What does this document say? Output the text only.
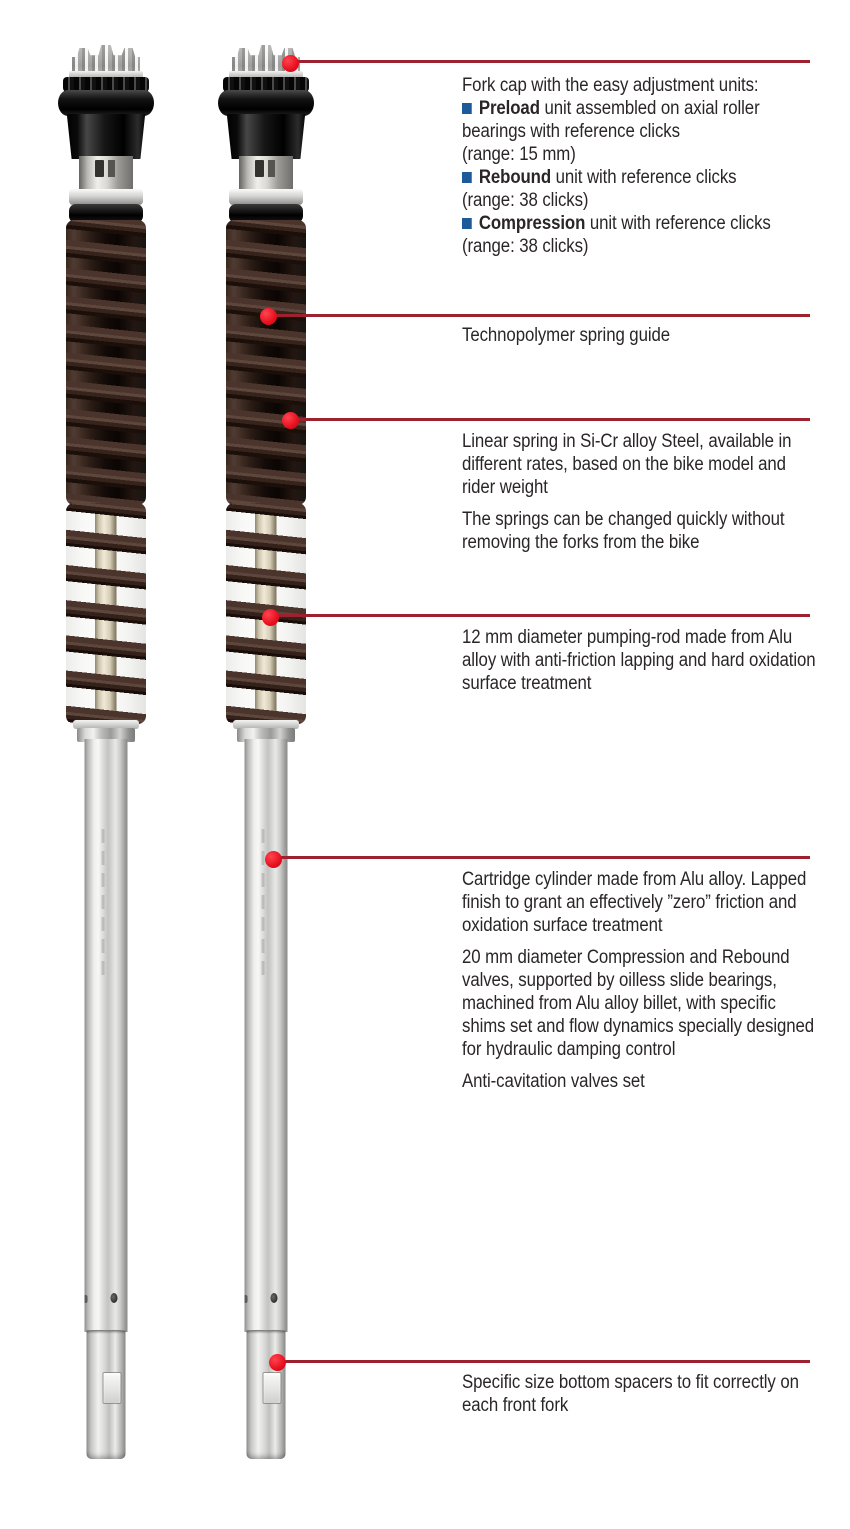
Fork cap with the easy adjustment units:

Preload unit assembled on axial roller bearings with reference clicks

(range: 15 mm)

Rebound unit with reference clicks

(range: 38 clicks)

Compression unit with reference clicks

(range: 38 clicks)

Technopolymer spring guide

Linear spring in Si-Cr alloy Steel, available in different rates, based on the bike model and rider weight

The springs can be changed quickly without removing the forks from the bike

12 mm diameter pumping-rod made from Alu alloy with anti-friction lapping and hard oxidation surface treatment

Cartridge cylinder made from Alu alloy. Lapped finish to grant an effectively ”zero” friction and oxidation surface treatment

20 mm diameter Compression and Rebound valves, supported by oilless slide bearings, machined from Alu alloy billet, with specific shims set and flow dynamics specially designed for hydraulic damping control

Anti-cavitation valves set

Specific size bottom spacers to fit correctly on each front fork
